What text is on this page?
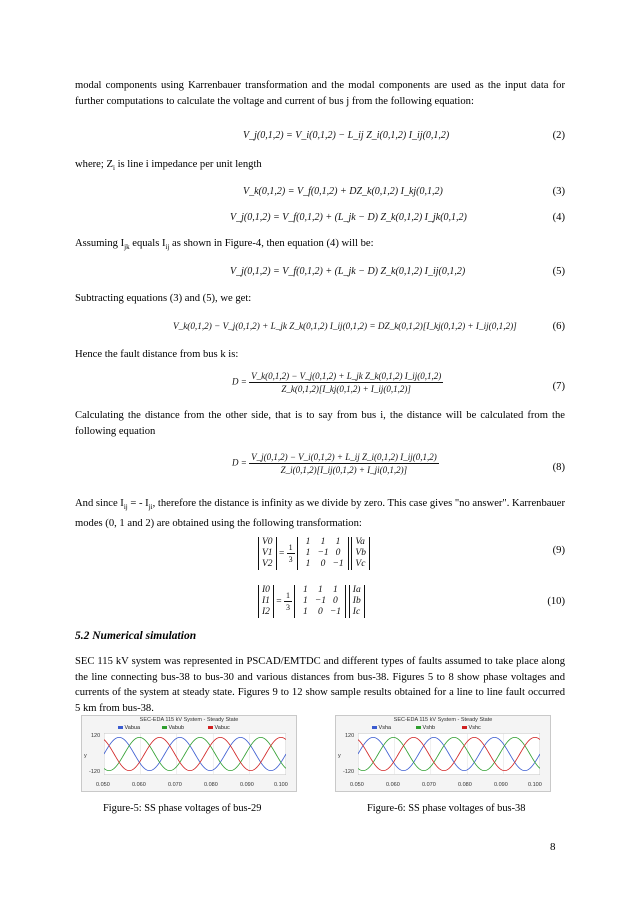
modal components using Karrenbauer transformation and the modal components are used as the input data for further computations to calculate the voltage and current of bus j from the following equation:

V_j(0,1,2) = V_i(0,1,2) − L_ij Z_i(0,1,2) I_ij(0,1,2)	(2)

where; $Z_i$ is line i impedance per unit length

V_k(0,1,2) = V_f(0,1,2) + DZ_k(0,1,2) I_kj(0,1,2)	(3)
V_j(0,1,2) = V_f(0,1,2) + (L_jk − D) Z_k(0,1,2) I_jk(0,1,2)	(4)

Assuming $I_{jk}$ equals $I_{ij}$ as shown in Figure-4, then equation (4) will be:

V_j(0,1,2) = V_f(0,1,2) + (L_jk − D) Z_k(0,1,2) I_ij(0,1,2)	(5)

Subtracting equations (3) and (5), we get:

V_k(0,1,2) − V_j(0,1,2) + L_jk Z_k(0,1,2) I_ij(0,1,2) = DZ_k(0,1,2)[I_kj(0,1,2) + I_ij(0,1,2)]	(6)

Hence the fault distance from bus k is:

$D = \frac{\text{V\_k(0,1,2) − V\_j(0,1,2) + L\_jk Z\_k(0,1,2) I\_ij(0,1,2)}}{Z\_k(0,1,2)[I\_kj(0,1,2) + I\_ij(0,1,2)]}$	(7)

Calculating the distance from the other side, that is to say from bus i, the distance will be calculated from the following equation

$D = \frac{\text{V\_j(0,1,2) − V\_i(0,1,2) + L\_ij Z\_i(0,1,2) I\_ij(0,1,2)}}{Z\_i(0,1,2)[I\_ij(0,1,2) + I\_ji(0,1,2)]}$	(8)

And since $I_{ij}$ = - $I_{ji}$, therefore the distance is infinity as we divide by zero. This case gives "no answer". Karrenbauer modes (0, 1 and 2) are obtained using the following transformation:

V0
V1
V2
= $\frac{1}{3}$

1	1	1
1 −1 0
1	0 −1

Va
Vb
Vc
(9)
I0
I1
I2
= $\frac{1}{3}$

1	1	1
1 −1 0
1	0 −1

Ia
Ib
Ic
(10)
5.2 Numerical simulation

SEC 115 kV system was represented in PSCAD/EMTDC and different types of faults assumed to take place along the line connecting bus-38 to bus-30 and various distances from bus-38. Figures 5 to 8 show phase voltages and currents of the system at steady state. Figures 9 to 12 show sample results obtained for a line to line fault occurred 5 km from bus-38.

SEC-EDA 115 kV System - Steady State
Vabua	Vabub	Vabuc
120
-120
y
0.050	0.060	0.070	0.080	0.090	0.100
SEC-EDA 115 kV System - Steady State
Vsha	Vshb	Vshc
120
-120
y
0.050	0.060	0.070	0.080	0.090	0.100
Figure-5: SS phase voltages of bus-29	Figure-6: SS phase voltages of bus-38
8
